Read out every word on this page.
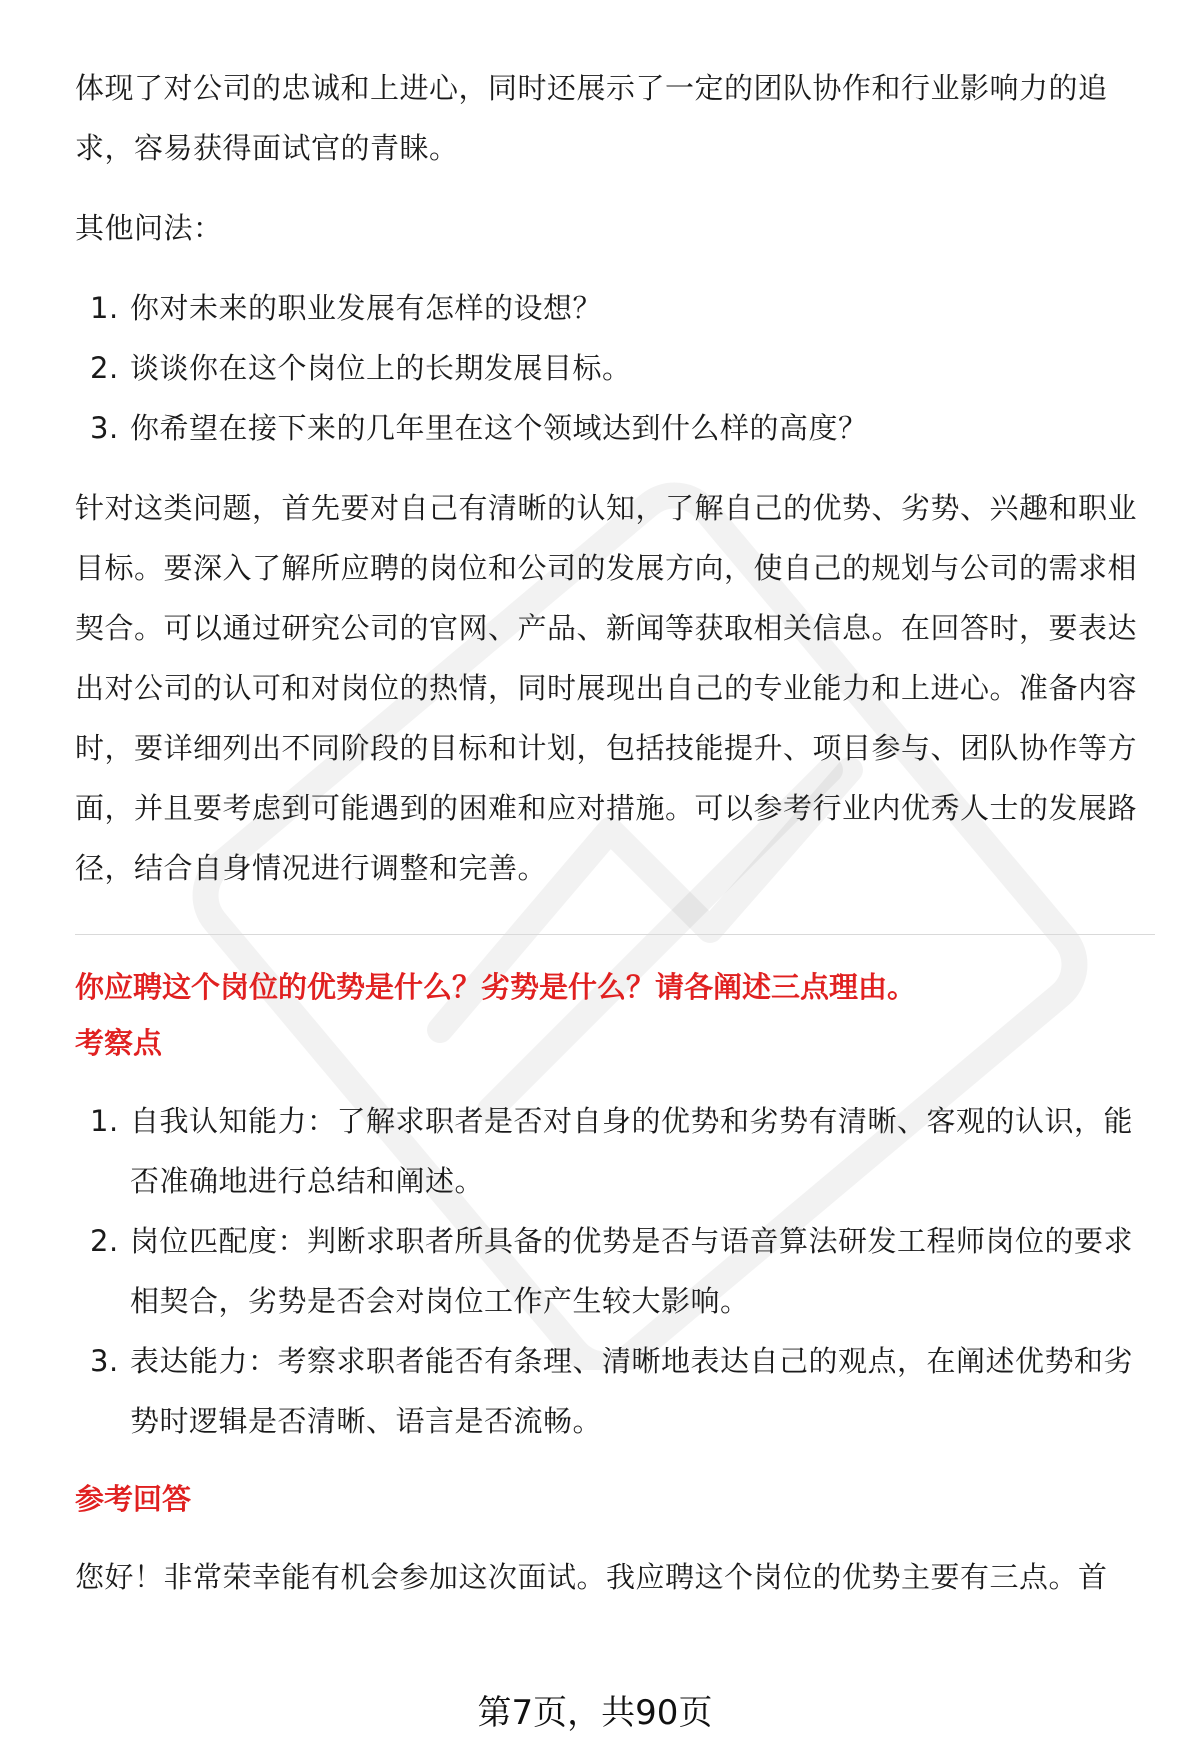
体现了对公司的忠诚和上进心，同时还展示了一定的团队协作和行业影响力的追求，容易获得面试官的青睐。

其他问法：

1. 你对未来的职业发展有怎样的设想？
2. 谈谈你在这个岗位上的长期发展目标。
3. 你希望在接下来的几年里在这个领域达到什么样的高度？

针对这类问题，首先要对自己有清晰的认知，了解自己的优势、劣势、兴趣和职业目标。要深入了解所应聘的岗位和公司的发展方向，使自己的规划与公司的需求相契合。可以通过研究公司的官网、产品、新闻等获取相关信息。在回答时，要表达出对公司的认可和对岗位的热情，同时展现出自己的专业能力和上进心。准备内容时，要详细列出不同阶段的目标和计划，包括技能提升、项目参与、团队协作等方面，并且要考虑到可能遇到的困难和应对措施。可以参考行业内优秀人士的发展路径，结合自身情况进行调整和完善。

你应聘这个岗位的优势是什么？劣势是什么？请各阐述三点理由。

考察点

1. 自我认知能力：了解求职者是否对自身的优势和劣势有清晰、客观的认识，能否准确地进行总结和阐述。
2. 岗位匹配度：判断求职者所具备的优势是否与语音算法研发工程师岗位的要求相契合，劣势是否会对岗位工作产生较大影响。
3. 表达能力：考察求职者能否有条理、清晰地表达自己的观点，在阐述优势和劣势时逻辑是否清晰、语言是否流畅。

参考回答

您好！非常荣幸能有机会参加这次面试。我应聘这个岗位的优势主要有三点。首

第7页，共90页
